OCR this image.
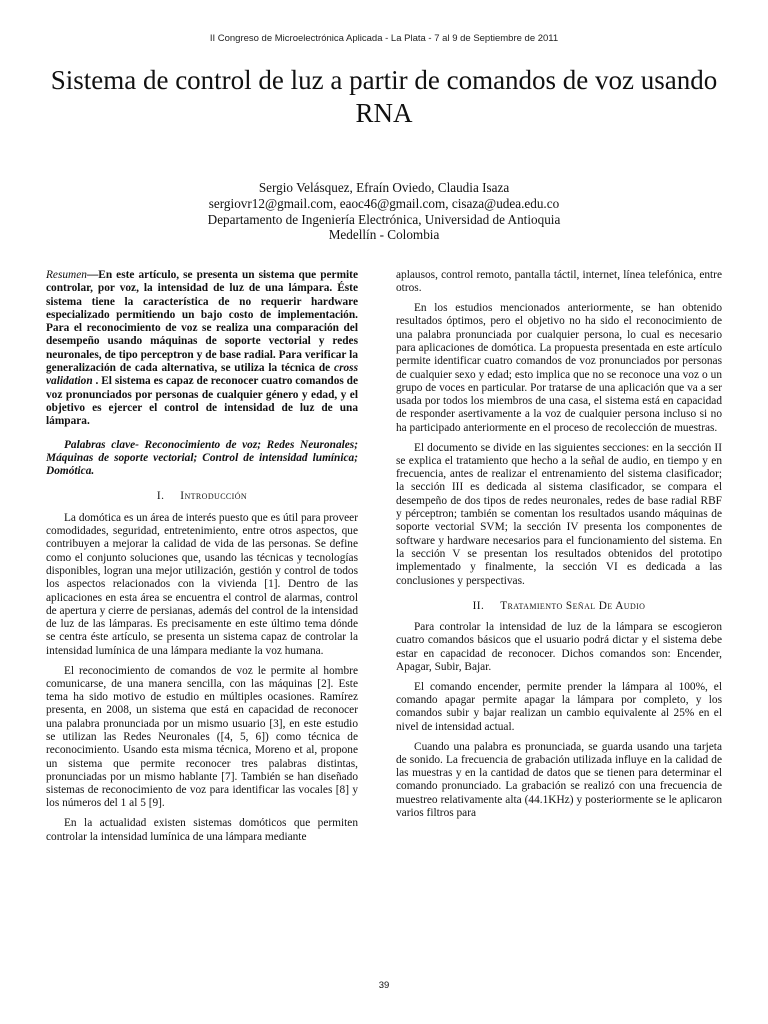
II Congreso de Microelectrónica Aplicada - La Plata - 7 al 9 de Septiembre de 2011
Sistema de control de luz a partir de comandos de voz usando RNA
Sergio Velásquez, Efraín Oviedo, Claudia Isaza
sergiovr12@gmail.com, eaoc46@gmail.com, cisaza@udea.edu.co
Departamento de Ingeniería Electrónica, Universidad de Antioquia
Medellín - Colombia

Resumen—En este artículo, se presenta un sistema que permite controlar, por voz, la intensidad de luz de una lámpara. Éste sistema tiene la característica de no requerir hardware especializado permitiendo un bajo costo de implementación. Para el reconocimiento de voz se realiza una comparación del desempeño usando máquinas de soporte vectorial y redes neuronales, de tipo perceptron y de base radial. Para verificar la generalización de cada alternativa, se utiliza la técnica de cross validation . El sistema es capaz de reconocer cuatro comandos de voz pronunciados por personas de cualquier género y edad, y el objetivo es ejercer el control de intensidad de luz de una lámpara.

Palabras clave- Reconocimiento de voz; Redes Neuronales; Máquinas de soporte vectorial; Control de intensidad lumínica; Domótica.

I. Introducción

La domótica es un área de interés puesto que es útil para proveer comodidades, seguridad, entretenimiento, entre otros aspectos, que contribuyen a mejorar la calidad de vida de las personas. Se define como el conjunto soluciones que, usando las técnicas y tecnologías disponibles, logran una mejor utilización, gestión y control de todos los aspectos relacionados con la vivienda [1]. Dentro de las aplicaciones en esta área se encuentra el control de alarmas, control de apertura y cierre de persianas, además del control de la intensidad de luz de las lámparas. Es precisamente en este último tema dónde se centra éste artículo, se presenta un sistema capaz de controlar la intensidad lumínica de una lámpara mediante la voz humana.

El reconocimiento de comandos de voz le permite al hombre comunicarse, de una manera sencilla, con las máquinas [2]. Este tema ha sido motivo de estudio en múltiples ocasiones. Ramírez presenta, en 2008, un sistema que está en capacidad de reconocer una palabra pronunciada por un mismo usuario [3], en este estudio se utilizan las Redes Neuronales ([4, 5, 6]) como técnica de reconocimiento. Usando esta misma técnica, Moreno et al, propone un sistema que permite reconocer tres palabras distintas, pronunciadas por un mismo hablante [7]. También se han diseñado sistemas de reconocimiento de voz para identificar las vocales [8] y los números del 1 al 5 [9].

En la actualidad existen sistemas domóticos que permiten controlar la intensidad lumínica de una lámpara mediante

aplausos, control remoto, pantalla táctil, internet, línea telefónica, entre otros.

En los estudios mencionados anteriormente, se han obtenido resultados óptimos, pero el objetivo no ha sido el reconocimiento de una palabra pronunciada por cualquier persona, lo cual es necesario para aplicaciones de domótica. La propuesta presentada en este artículo permite identificar cuatro comandos de voz pronunciados por personas de cualquier sexo y edad; esto implica que no se reconoce una voz o un grupo de voces en particular. Por tratarse de una aplicación que va a ser usada por todos los miembros de una casa, el sistema está en capacidad de responder asertivamente a la voz de cualquier persona incluso si no ha participado anteriormente en el proceso de recolección de muestras.

El documento se divide en las siguientes secciones: en la sección II se explica el tratamiento que hecho a la señal de audio, en tiempo y en frecuencia, antes de realizar el entrenamiento del sistema clasificador; la sección III es dedicada al sistema clasificador, se compara el desempeño de dos tipos de redes neuronales, redes de base radial RBF y pérceptron; también se comentan los resultados usando máquinas de soporte vectorial SVM; la sección IV presenta los componentes de software y hardware necesarios para el funcionamiento del sistema. En la sección V se presentan los resultados obtenidos del prototipo implementado y finalmente, la sección VI es dedicada a las conclusiones y perspectivas.

II. Tratamiento Señal De Audio

Para controlar la intensidad de luz de la lámpara se escogieron cuatro comandos básicos que el usuario podrá dictar y el sistema debe estar en capacidad de reconocer. Dichos comandos son: Encender, Apagar, Subir, Bajar.

El comando encender, permite prender la lámpara al 100%, el comando apagar permite apagar la lámpara por completo, y los comandos subir y bajar realizan un cambio equivalente al 25% en el nivel de intensidad actual.

Cuando una palabra es pronunciada, se guarda usando una tarjeta de sonido. La frecuencia de grabación utilizada influye en la calidad de las muestras y en la cantidad de datos que se tienen para determinar el comando pronunciado. La grabación se realizó con una frecuencia de muestreo relativamente alta (44.1KHz) y posteriormente se le aplicaron varios filtros para

39
